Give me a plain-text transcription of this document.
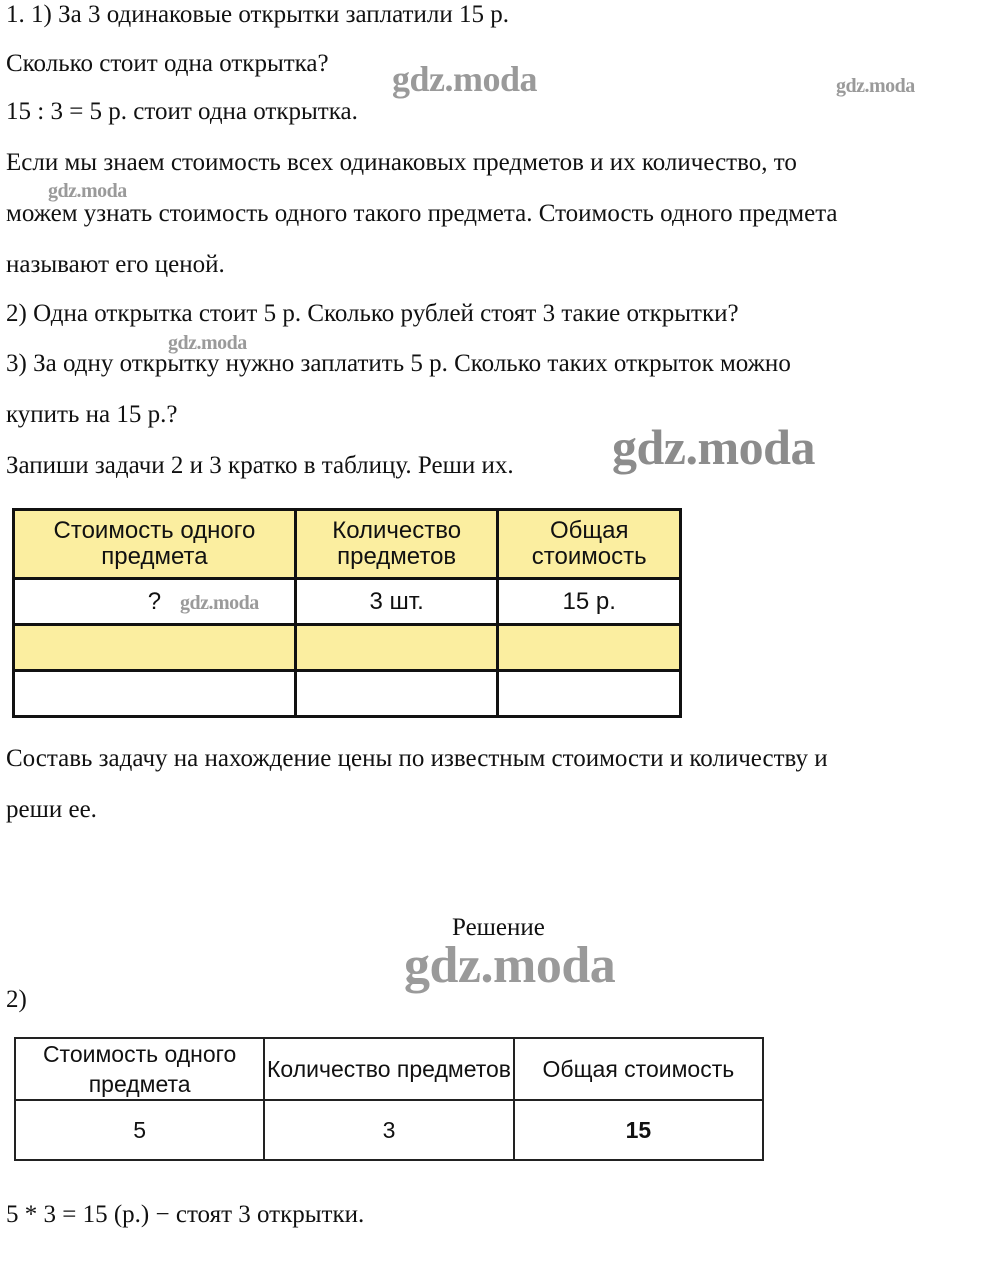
1. 1) За 3 одинаковые открытки заплатили 15 р.
Сколько стоит одна открытка?
15 : 3 = 5 р. стоит одна открытка.
Если мы знаем стоимость всех одинаковых предметов и их количество, то
можем узнать стоимость одного такого предмета. Стоимость одного предмета
называют его ценой.
2) Одна открытка стоит 5 р. Сколько рублей стоят 3 такие открытки?
3) За одну открытку нужно заплатить 5 р. Сколько таких открыток можно
купить на 15 р.?
Запиши задачи 2 и 3 кратко в таблицу. Реши их.
Стоимость одного предмета	Количество предметов	Общая стоимость
?	3 шт.	15 р.

Составь задачу на нахождение цены по известным стоимости и количеству и
реши ее.
Решение
2)
Стоимость одного предмета	Количество предметов	Общая стоимость
5	3	15
5 * 3 = 15 (р.) − стоят 3 открытки.
gdz.moda	gdz.moda
gdz.moda
gdz.moda
gdz.moda
gdz.moda
gdz.moda
